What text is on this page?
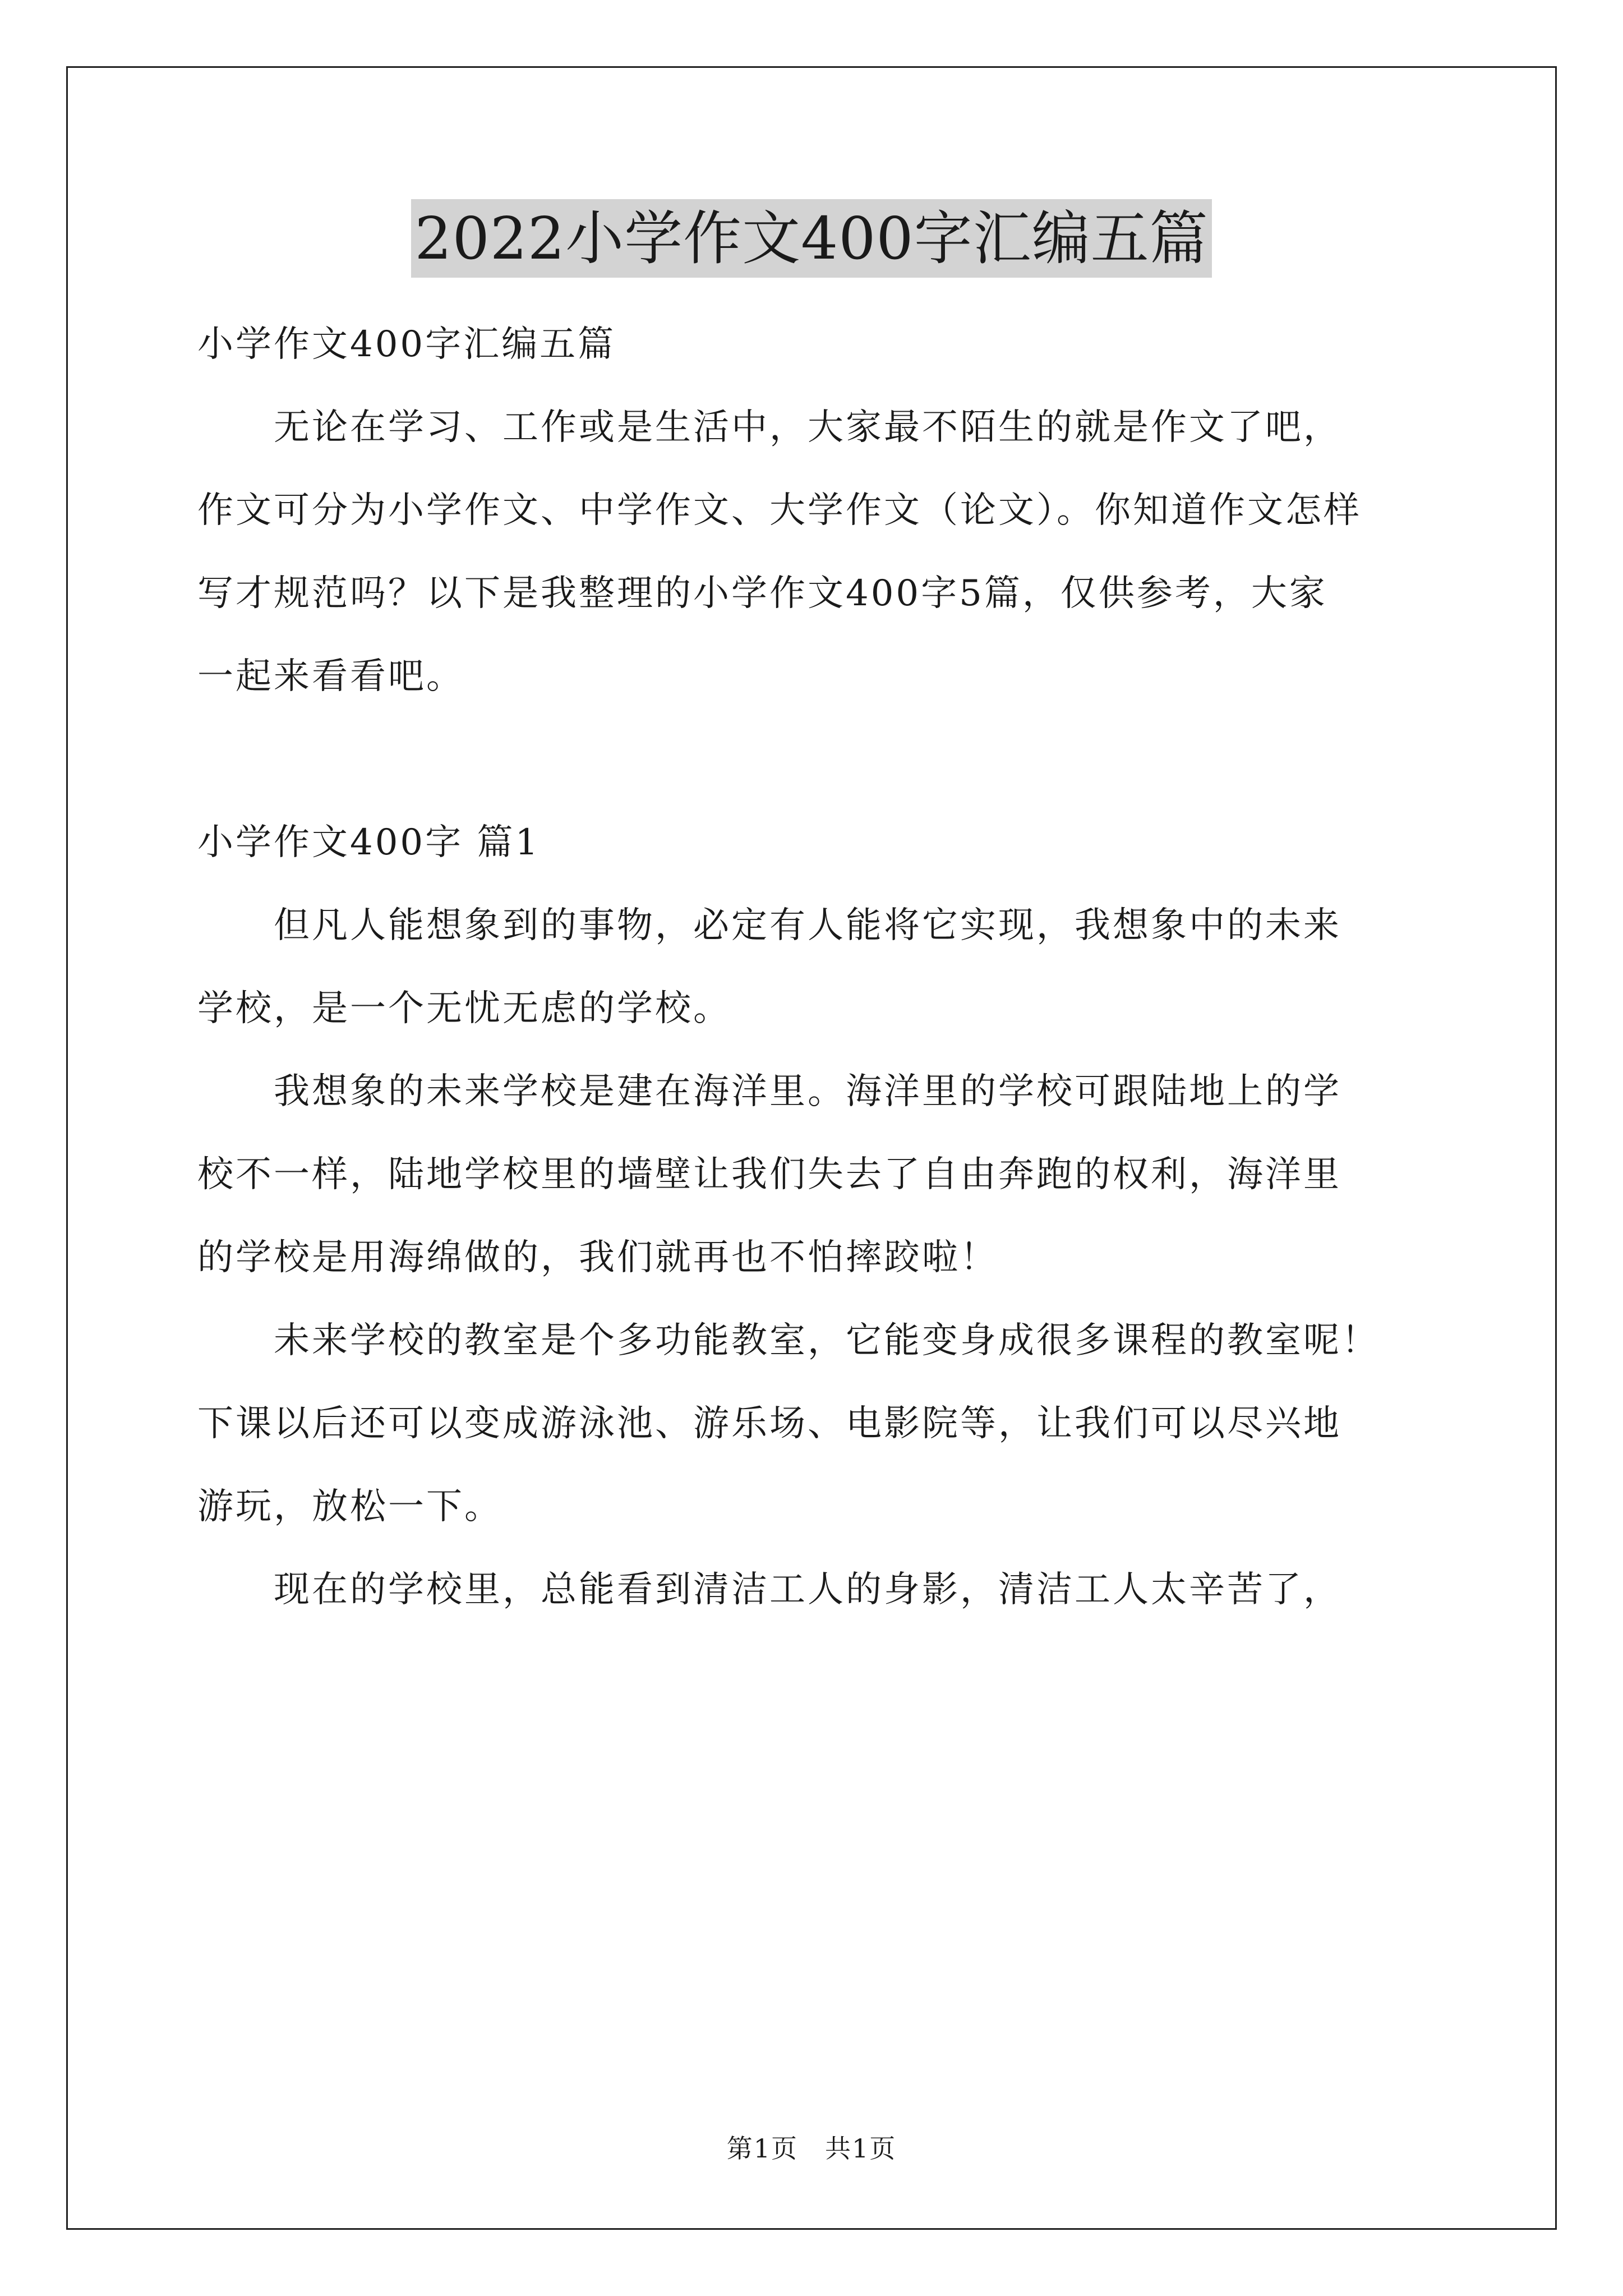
2022小学作文400字汇编五篇
小学作文400字汇编五篇
　　无论在学习、工作或是生活中，大家最不陌生的就是作文了吧，
作文可分为小学作文、中学作文、大学作文（论文）。你知道作文怎样
写才规范吗？以下是我整理的小学作文400字5篇，仅供参考，大家
一起来看看吧。
小学作文400字 篇1
　　但凡人能想象到的事物，必定有人能将它实现，我想象中的未来
学校，是一个无忧无虑的学校。
　　我想象的未来学校是建在海洋里。海洋里的学校可跟陆地上的学
校不一样，陆地学校里的墙壁让我们失去了自由奔跑的权利，海洋里
的学校是用海绵做的，我们就再也不怕摔跤啦！
　　未来学校的教室是个多功能教室，它能变身成很多课程的教室呢！
下课以后还可以变成游泳池、游乐场、电影院等，让我们可以尽兴地
游玩，放松一下。
　　现在的学校里，总能看到清洁工人的身影，清洁工人太辛苦了，
第1页　共1页
